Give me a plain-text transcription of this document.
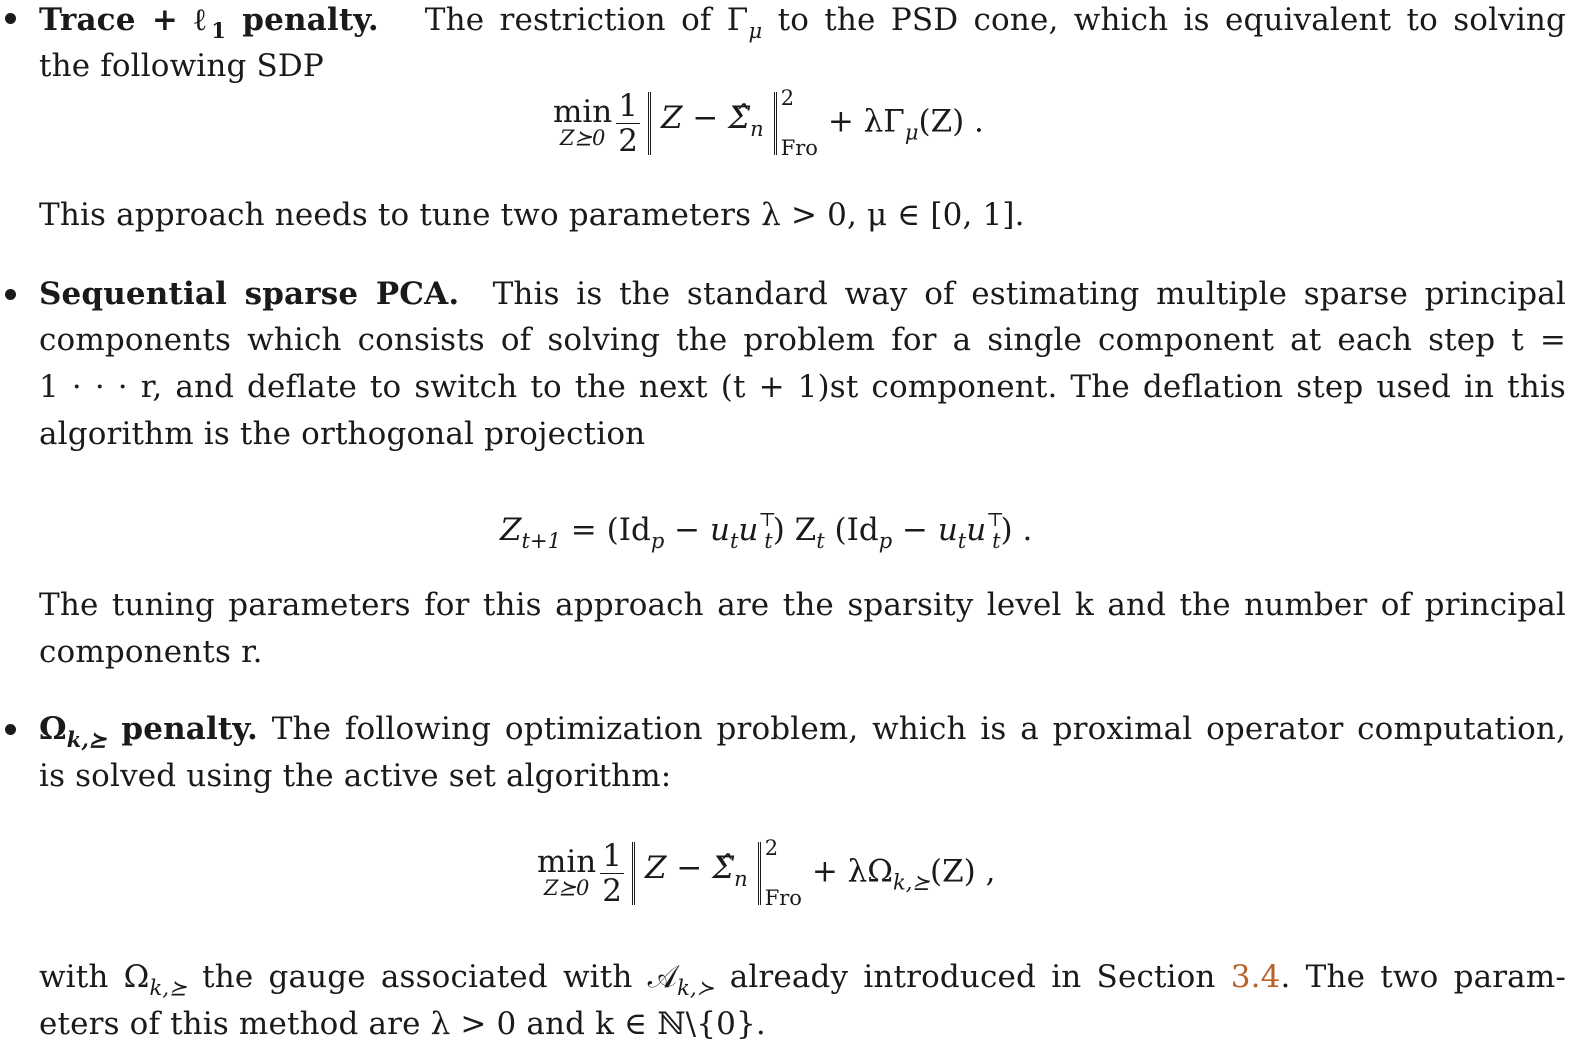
Trace + ℓ$_1$ penalty. The restriction of $\Gamma_\mu$ to the PSD cone, which is equivalent to solving
the following SDP
min
Z⪰0 $\frac{1}{2}$ $Z - \Sigmâ_n$
2
Fro
+ $\lambda\Gamma_\mu(Z)$ .
This approach needs to tune two parameters λ > 0, μ ∈ [0, 1].
Sequential sparse PCA. This is the standard way of estimating multiple sparse principal
components which consists of solving the problem for a single component at each step t =
1 · · · r, and deflate to switch to the next (t + 1)st component. The deflation step used in this
algorithm is the orthogonal projection
$Z_{t+1} = (Id_p - u_tu^⊤_t)$ $Z_t$ $(Id_p - u_tu^⊤_t)$ .
The tuning parameters for this approach are the sparsity level k and the number of principal
components r.
$\Omega_{k,⪰}$ penalty. The following optimization problem, which is a proximal operator computation,
is solved using the active set algorithm:
min
Z⪰0 $\frac{1}{2}$ $Z - \Sigmâ_n$
2
Fro
+ $\lambda\Omega_{k,⪰}(Z)$ ,
with $\Omega_{k,⪰}$ the gauge associated with 𝒜$_{k,≻}$ already introduced in Section 3.4. The two param-
eters of this method are λ > 0 and k ∈ ℕ\{0}.
